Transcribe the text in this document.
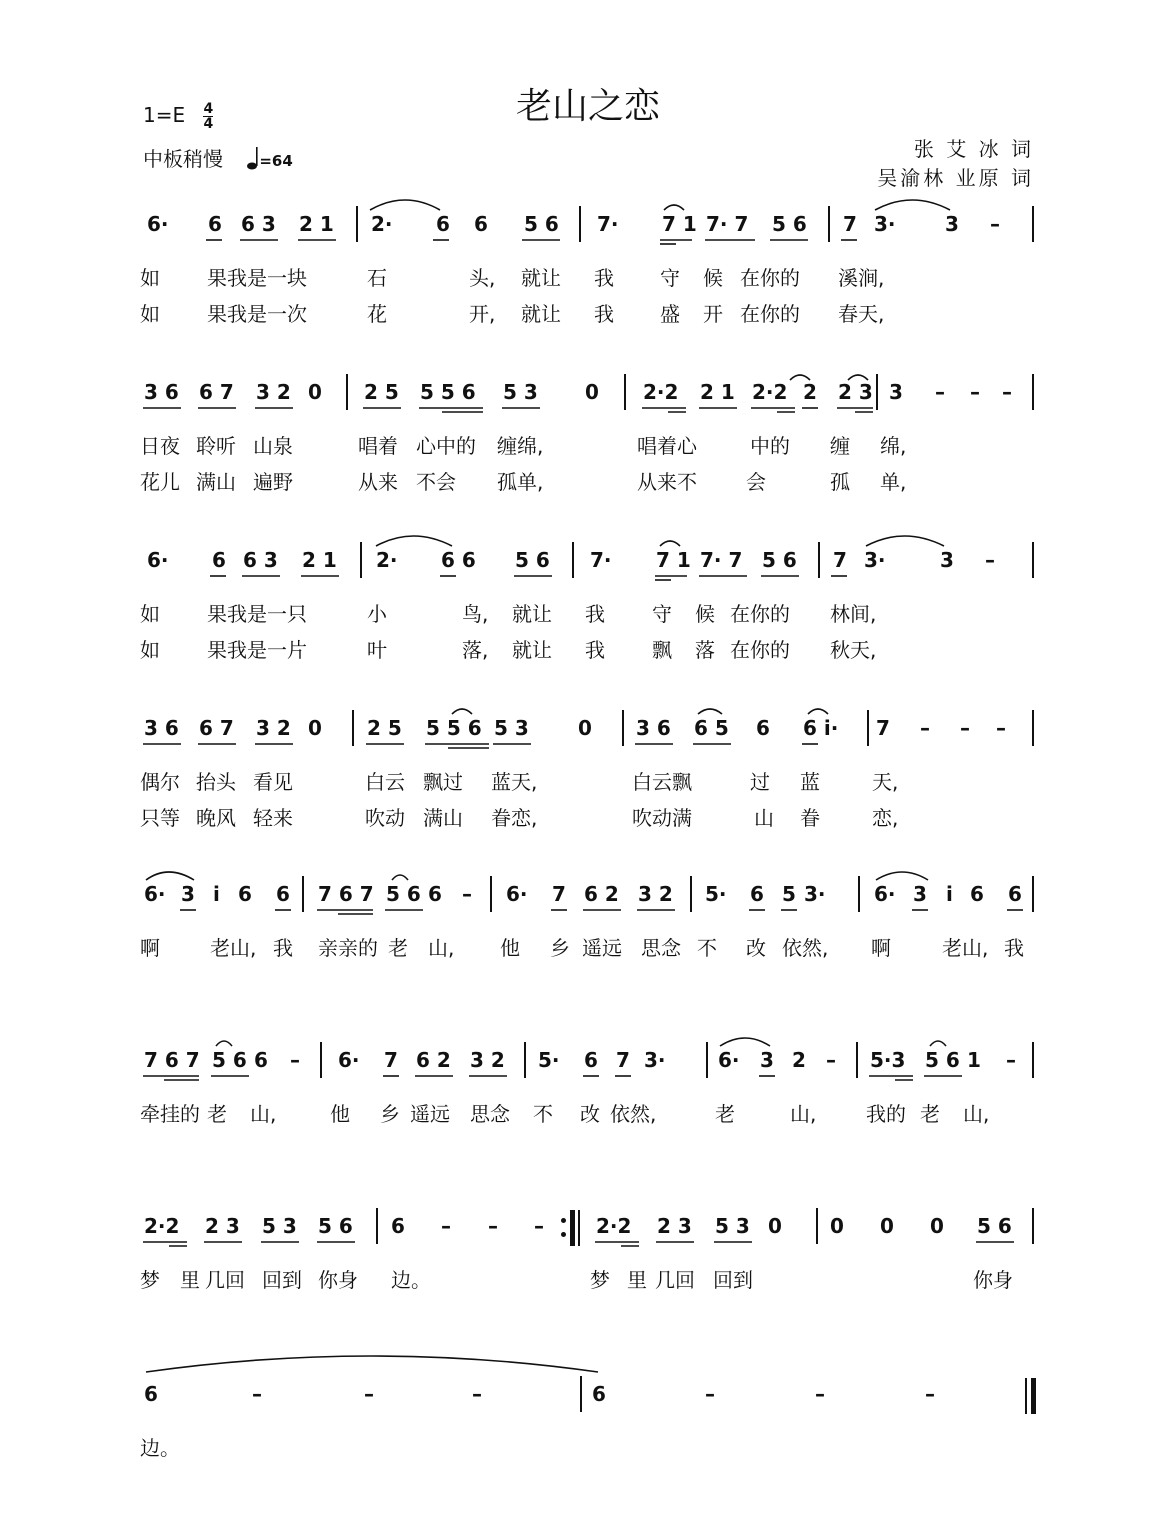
老山之恋
$1=E \frac{4}{4}$
中板稍慢 =64	张 艾 冰 词
吴渝林 业原 词
6· 6 6 3 2 1 2· 6 6 5 6 7· 7 1 7· 7 5 6 7 3· 3 –
如 果我是一块	石	头, 就让 我 守 候 在你的 溪涧,
如 果我是一次	花	开, 就让 我 盛 开 在你的 春天,
3 6 6 7 3 2 0 2 5 5 5 6 5 3 0 2·2 2 1 2·2 2 2 3 3 – – –
日夜 聆听 山泉	唱着 心中的 缠绵,	唱着心	中的 缠 绵,
花儿 满山 遍野	从来 不会 孤单,	从来不 会	孤 单,
6· 6 6 3 2 1 2· 6 6 5 6 7· 7 1 7· 7 5 6 7 3·	3 –
如 果我是一只	小	鸟, 就让 我 守 候 在你的 林间,
如 果我是一片	叶	落, 就让 我 飘 落 在你的 秋天,
3 6 6 7 3 2 0 2 5 5 5 6 5 3 0 3 6 6 5 6 6 i· 7 – – –
偶尔 抬头 看见	白云 飘过 蓝天,	白云飘	过 蓝	天,
只等 晚风 轻来	吹动 满山 眷恋,	吹动满	山 眷	恋,
6· 3 i 6 6 7 6 7 5 6 6 – 6· 7 6 2 3 2 5· 6 5 3· 6· 3 i 6 6
啊	老山, 我 亲亲的 老 山, 他 乡 遥远 思念 不 改 依然, 啊	老山, 我
7 6 7 5 6 6 – 6· 7 6 2 3 2 5· 6 7 3·	6· 3 2 – 5·3 5 6 1 –
牵挂的 老 山,	他 乡 遥远 思念 不 改 依然,	老	山, 我的 老 山,
2·2 2 3 5 3 5 6 6 – – –	2·2 2 3 5 3 0 0 0 0 5 6
梦 里 几回 回到 你身 边。	梦 里 几回 回到	你身
6	–	–	–	6	–	–	–
边。
